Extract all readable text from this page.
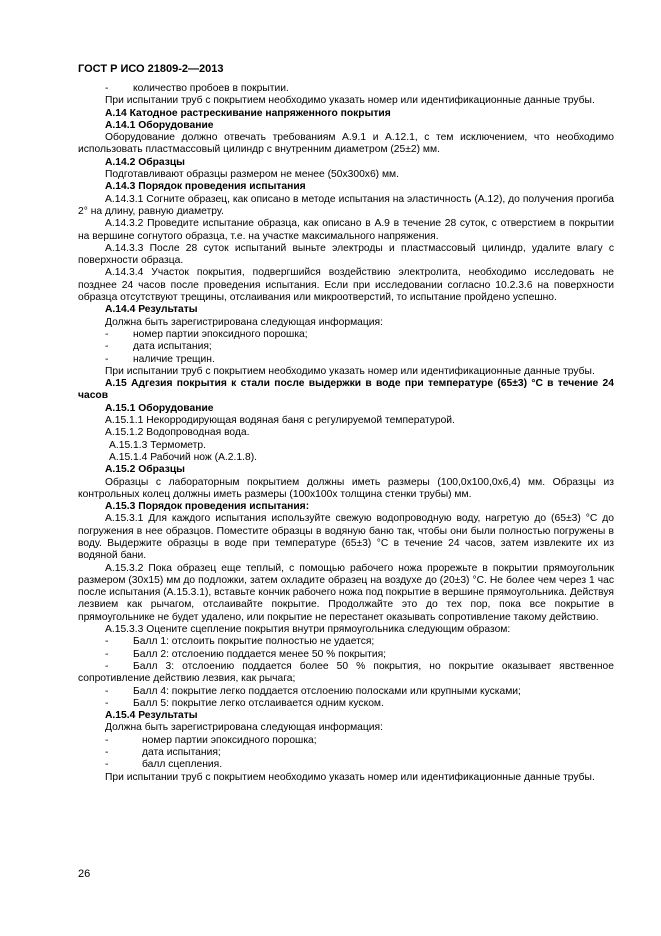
ГОСТ Р ИСО 21809-2—2013

- количество пробоев в покрытии.

При испытании труб с покрытием необходимо указать номер или идентификационные данные трубы.

А.14 Катодное растрескивание напряженного покрытия

А.14.1 Оборудование

Оборудование должно отвечать требованиям А.9.1 и А.12.1, с тем исключением, что необходимо использовать пластмассовый цилиндр с внутренним диаметром (25±2) мм.

А.14.2 Образцы

Подготавливают образцы размером не менее (50х300х6) мм.

А.14.3 Порядок проведения испытания

А.14.3.1 Согните образец, как описано в методе испытания на эластичность (А.12), до получения прогиба 2° на длину, равную диаметру.

А.14.3.2 Проведите испытание образца, как описано в А.9 в течение 28 суток, с отверстием в покрытии на вершине согнутого образца, т.е. на участке максимального напряжения.

А.14.3.3 После 28 суток испытаний выньте электроды и пластмассовый цилиндр, удалите влагу с поверхности образца.

А.14.3.4 Участок покрытия, подвергшийся воздействию электролита, необходимо исследовать не позднее 24 часов после проведения испытания. Если при исследовании согласно 10.2.3.6 на поверхности образца отсутствуют трещины, отслаивания или микроотверстий, то испытание пройдено успешно.

А.14.4 Результаты

Должна быть зарегистрирована следующая информация:

- номер партии эпоксидного порошка;

- дата испытания;

- наличие трещин.

При испытании труб с покрытием необходимо указать номер или идентификационные данные трубы.

А.15 Адгезия покрытия к стали после выдержки в воде при температуре (65±3) °С в течение 24 часов

А.15.1 Оборудование

А.15.1.1 Некорродирующая водяная баня с регулируемой температурой.

А.15.1.2 Водопроводная вода.

А.15.1.3 Термометр.

А.15.1.4 Рабочий нож (А.2.1.8).

А.15.2 Образцы

Образцы с лабораторным покрытием должны иметь размеры (100,0х100,0х6,4) мм. Образцы из контрольных колец должны иметь размеры (100х100х толщина стенки трубы) мм.

А.15.3 Порядок проведения испытания:

А.15.3.1 Для каждого испытания используйте свежую водопроводную воду, нагретую до (65±3) °С до погружения в нее образцов. Поместите образцы в водяную баню так, чтобы они были полностью погружены в воду. Выдержите образцы в воде при температуре (65±3) °С в течение 24 часов, затем извлеките их из водяной бани.

А.15.3.2 Пока образец еще теплый, с помощью рабочего ножа прорежьте в покрытии прямоугольник размером (30х15) мм до подложки, затем охладите образец на воздухе до (20±3) °С. Не более чем через 1 час после испытания (А.15.3.1), вставьте кончик рабочего ножа под покрытие в вершине прямоугольника. Действуя лезвием как рычагом, отслаивайте покрытие. Продолжайте это до тех пор, пока все покрытие в прямоугольнике не будет удалено, или покрытие не перестанет оказывать сопротивление такому действию.

А.15.3.3 Оцените сцепление покрытия внутри прямоугольника следующим образом:

- Балл 1: отслоить покрытие полностью не удается;

- Балл 2: отслоению поддается менее 50 % покрытия;

- Балл 3: отслоению поддается более 50 % покрытия, но покрытие оказывает явственное сопротивление действию лезвия, как рычага;

- Балл 4: покрытие легко поддается отслоению полосками или крупными кусками;

- Балл 5: покрытие легко отслаивается одним куском.

А.15.4 Результаты

Должна быть зарегистрирована следующая информация:

-	номер партии эпоксидного порошка;

-	дата испытания;

-	балл сцепления.

При испытании труб с покрытием необходимо указать номер или идентификационные данные трубы.

26
